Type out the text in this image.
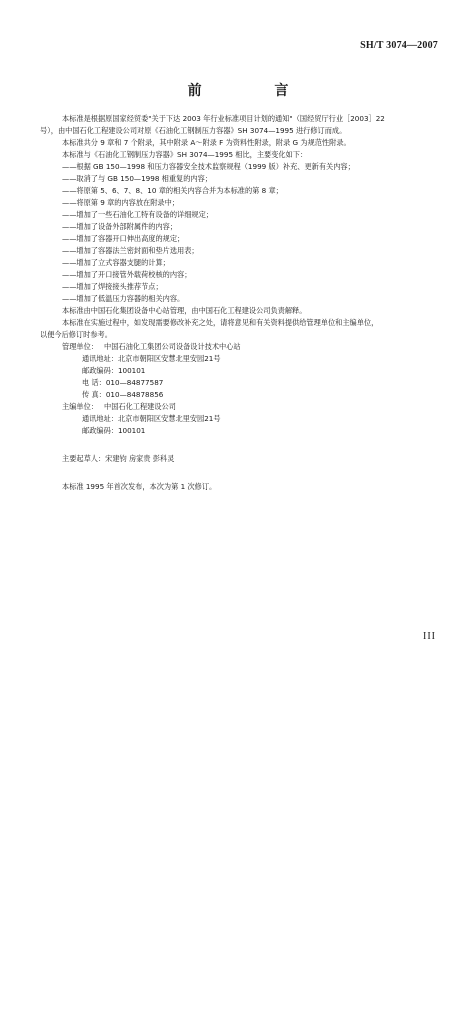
SH/T 3074—2007
前 言
本标准是根据原国家经贸委"关于下达 2003 年行业标准项目计划的通知"（国经贸厅行业［2003］22
号），由中国石化工程建设公司对原《石油化工钢制压力容器》SH 3074—1995 进行修订而成。
本标准共分 9 章和 7 个附录，其中附录 A～附录 F 为资料性附录，附录 G 为规范性附录。
本标准与《石油化工钢制压力容器》SH 3074—1995 相比，主要变化如下：
——根据 GB 150—1998 和压力容器安全技术监察规程（1999 版）补充、更新有关内容；
——取消了与 GB 150—1998 相重复的内容；
——将原第 5、6、7、8、10 章的相关内容合并为本标准的第 8 章；
——将原第 9 章的内容放在附录中；
——增加了一些石油化工特有设备的详细规定；
——增加了设备外部附属件的内容；
——增加了容器开口伸出高度的规定；
——增加了容器法兰密封面和垫片选用表；
——增加了立式容器支腿的计算；
——增加了开口接管外载荷校核的内容；
——增加了焊接接头推荐节点；
——增加了低温压力容器的相关内容。
本标准由中国石化集团设备中心站管理，由中国石化工程建设公司负责解释。
本标准在实施过程中，如发现需要修改补充之处，请将意见和有关资料提供给管理单位和主编单位，
以便今后修订时参考。
管理单位： 中国石油化工集团公司设备设计技术中心站
通讯地址：北京市朝阳区安慧北里安园21号
邮政编码：100101
电 话：010—84877587
传 真：010—84878856
主编单位： 中国石化工程建设公司
通讯地址：北京市朝阳区安慧北里安园21号
邮政编码：100101
主要起草人：宋建钧 房家贵 彭科灵
本标准 1995 年首次发布，本次为第 1 次修订。
III
